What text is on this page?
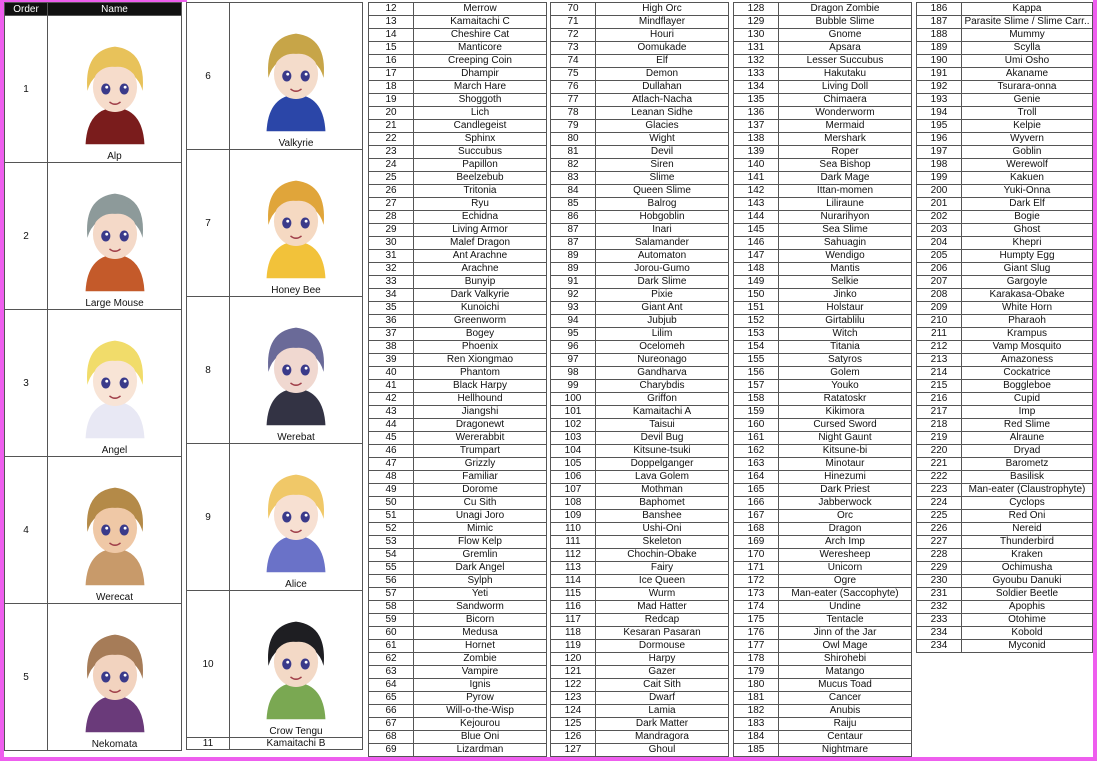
Order	Name
1	Alp

2	Large Mouse

3	Angel

4	Werecat

5	Nekomata
6	Valkyrie

7	Honey Bee

8	Werebat

9	Alice

10	Crow Tengu

11	Kamaitachi B
12	Merrow
13	Kamaitachi C
14	Cheshire Cat
15	Manticore
16	Creeping Coin
17	Dhampir
18	March Hare
19	Shoggoth
20	Lich
21	Candlegeist
22	Sphinx
23	Succubus
24	Papillon
25	Beelzebub
26	Tritonia
27	Ryu
28	Echidna
29	Living Armor
30	Malef Dragon
31	Ant Arachne
32	Arachne
33	Bunyip
34	Dark Valkyrie
35	Kunoichi
36	Greenworm
37	Bogey
38	Phoenix
39	Ren Xiongmao
40	Phantom
41	Black Harpy
42	Hellhound
43	Jiangshi
44	Dragonewt
45	Wererabbit
46	Trumpart
47	Grizzly
48	Familiar
49	Dorome
50	Cu Sith
51	Unagi Joro
52	Mimic
53	Flow Kelp
54	Gremlin
55	Dark Angel
56	Sylph
57	Yeti
58	Sandworm
59	Bicorn
60	Medusa
61	Hornet
62	Zombie
63	Vampire
64	Ignis
65	Pyrow
66	Will-o-the-Wisp
67	Kejourou
68	Blue Oni
69	Lizardman
70	High Orc
71	Mindflayer
72	Houri
73	Oomukade
74	Elf
75	Demon
76	Dullahan
77	Atlach-Nacha
78	Leanan Sidhe
79	Glacies
80	Wight
81	Devil
82	Siren
83	Slime
84	Queen Slime
85	Balrog
86	Hobgoblin
87	Inari
87	Salamander
89	Automaton
89	Jorou-Gumo
91	Dark Slime
92	Pixie
93	Giant Ant
94	Jubjub
95	Lilim
96	Ocelomeh
97	Nureonago
98	Gandharva
99	Charybdis
100	Griffon
101	Kamaitachi A
102	Taisui
103	Devil Bug
104	Kitsune-tsuki
105	Doppelganger
106	Lava Golem
107	Mothman
108	Baphomet
109	Banshee
110	Ushi-Oni
111	Skeleton
112	Chochin-Obake
113	Fairy
114	Ice Queen
115	Wurm
116	Mad Hatter
117	Redcap
118	Kesaran Pasaran
119	Dormouse
120	Harpy
121	Gazer
122	Cait Sith
123	Dwarf
124	Lamia
125	Dark Matter
126	Mandragora
127	Ghoul
128	Dragon Zombie
129	Bubble Slime
130	Gnome
131	Apsara
132	Lesser Succubus
133	Hakutaku
134	Living Doll
135	Chimaera
136	Wonderworm
137	Mermaid
138	Mershark
139	Roper
140	Sea Bishop
141	Dark Mage
142	Ittan-momen
143	Liliraune
144	Nurarihyon
145	Sea Slime
146	Sahuagin
147	Wendigo
148	Mantis
149	Selkie
150	Jinko
151	Holstaur
152	Girtablilu
153	Witch
154	Titania
155	Satyros
156	Golem
157	Youko
158	Ratatoskr
159	Kikimora
160	Cursed Sword
161	Night Gaunt
162	Kitsune-bi
163	Minotaur
164	Hinezumi
165	Dark Priest
166	Jabberwock
167	Orc
168	Dragon
169	Arch Imp
170	Weresheep
171	Unicorn
172	Ogre
173	Man-eater (Saccophyte)
174	Undine
175	Tentacle
176	Jinn of the Jar
177	Owl Mage
178	Shirohebi
179	Matango
180	Mucus Toad
181	Cancer
182	Anubis
183	Raiju
184	Centaur
185	Nightmare
186	Kappa
187	Parasite Slime / Slime Carr..
188	Mummy
189	Scylla
190	Umi Osho
191	Akaname
192	Tsurara-onna
193	Genie
194	Troll
195	Kelpie
196	Wyvern
197	Goblin
198	Werewolf
199	Kakuen
200	Yuki-Onna
201	Dark Elf
202	Bogie
203	Ghost
204	Khepri
205	Humpty Egg
206	Giant Slug
207	Gargoyle
208	Karakasa-Obake
209	White Horn
210	Pharaoh
211	Krampus
212	Vamp Mosquito
213	Amazoness
214	Cockatrice
215	Boggleboe
216	Cupid
217	Imp
218	Red Slime
219	Alraune
220	Dryad
221	Barometz
222	Basilisk
223	Man-eater (Claustrophyte)
224	Cyclops
225	Red Oni
226	Nereid
227	Thunderbird
228	Kraken
229	Ochimusha
230	Gyoubu Danuki
231	Soldier Beetle
232	Apophis
233	Otohime
234	Kobold
234	Myconid
